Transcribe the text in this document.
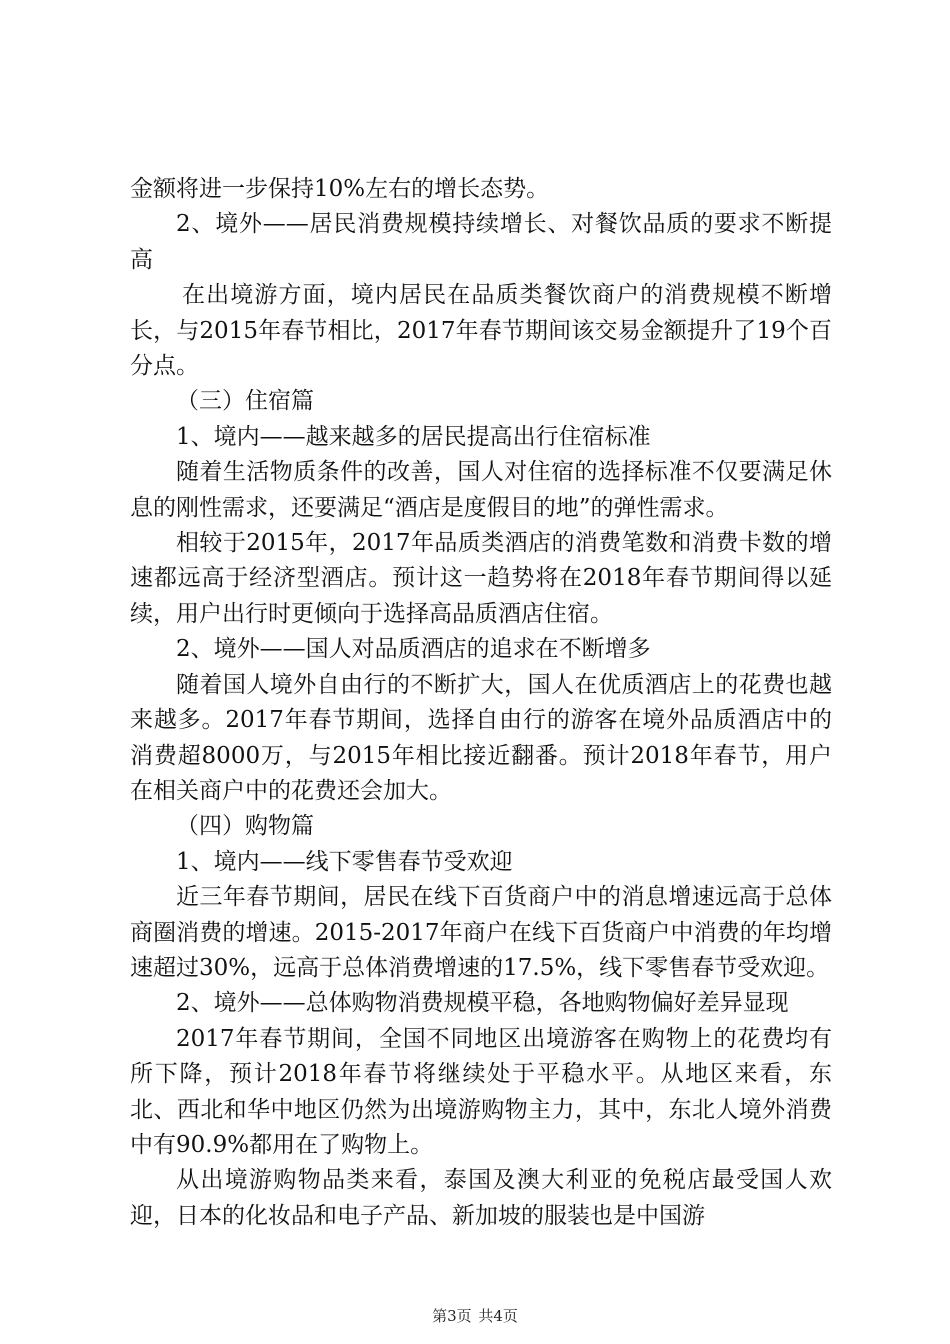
金额将进一步保持10%左右的增长态势。

2、境外——居民消费规模持续增长、对餐饮品质的要求不断提高

在出境游方面，境内居民在品质类餐饮商户的消费规模不断增长，与2015年春节相比，2017年春节期间该交易金额提升了19个百分点。

（三）住宿篇

1、境内——越来越多的居民提高出行住宿标准

随着生活物质条件的改善，国人对住宿的选择标准不仅要满足休息的刚性需求，还要满足“酒店是度假目的地”的弹性需求。

相较于2015年，2017年品质类酒店的消费笔数和消费卡数的增速都远高于经济型酒店。预计这一趋势将在2018年春节期间得以延续，用户出行时更倾向于选择高品质酒店住宿。

2、境外——国人对品质酒店的追求在不断增多

随着国人境外自由行的不断扩大，国人在优质酒店上的花费也越来越多。2017年春节期间，选择自由行的游客在境外品质酒店中的消费超8000万，与2015年相比接近翻番。预计2018年春节，用户在相关商户中的花费还会加大。

（四）购物篇

1、境内——线下零售春节受欢迎

近三年春节期间，居民在线下百货商户中的消息增速远高于总体商圈消费的增速。2015-2017年商户在线下百货商户中消费的年均增速超过30%，远高于总体消费增速的17.5%，线下零售春节受欢迎。

2、境外——总体购物消费规模平稳，各地购物偏好差异显现

2017年春节期间，全国不同地区出境游客在购物上的花费均有所下降，预计2018年春节将继续处于平稳水平。从地区来看，东北、西北和华中地区仍然为出境游购物主力，其中，东北人境外消费中有90.9%都用在了购物上。

从出境游购物品类来看，泰国及澳大利亚的免税店最受国人欢迎，日本的化妆品和电子产品、新加坡的服装也是中国游

第3页 共4页
